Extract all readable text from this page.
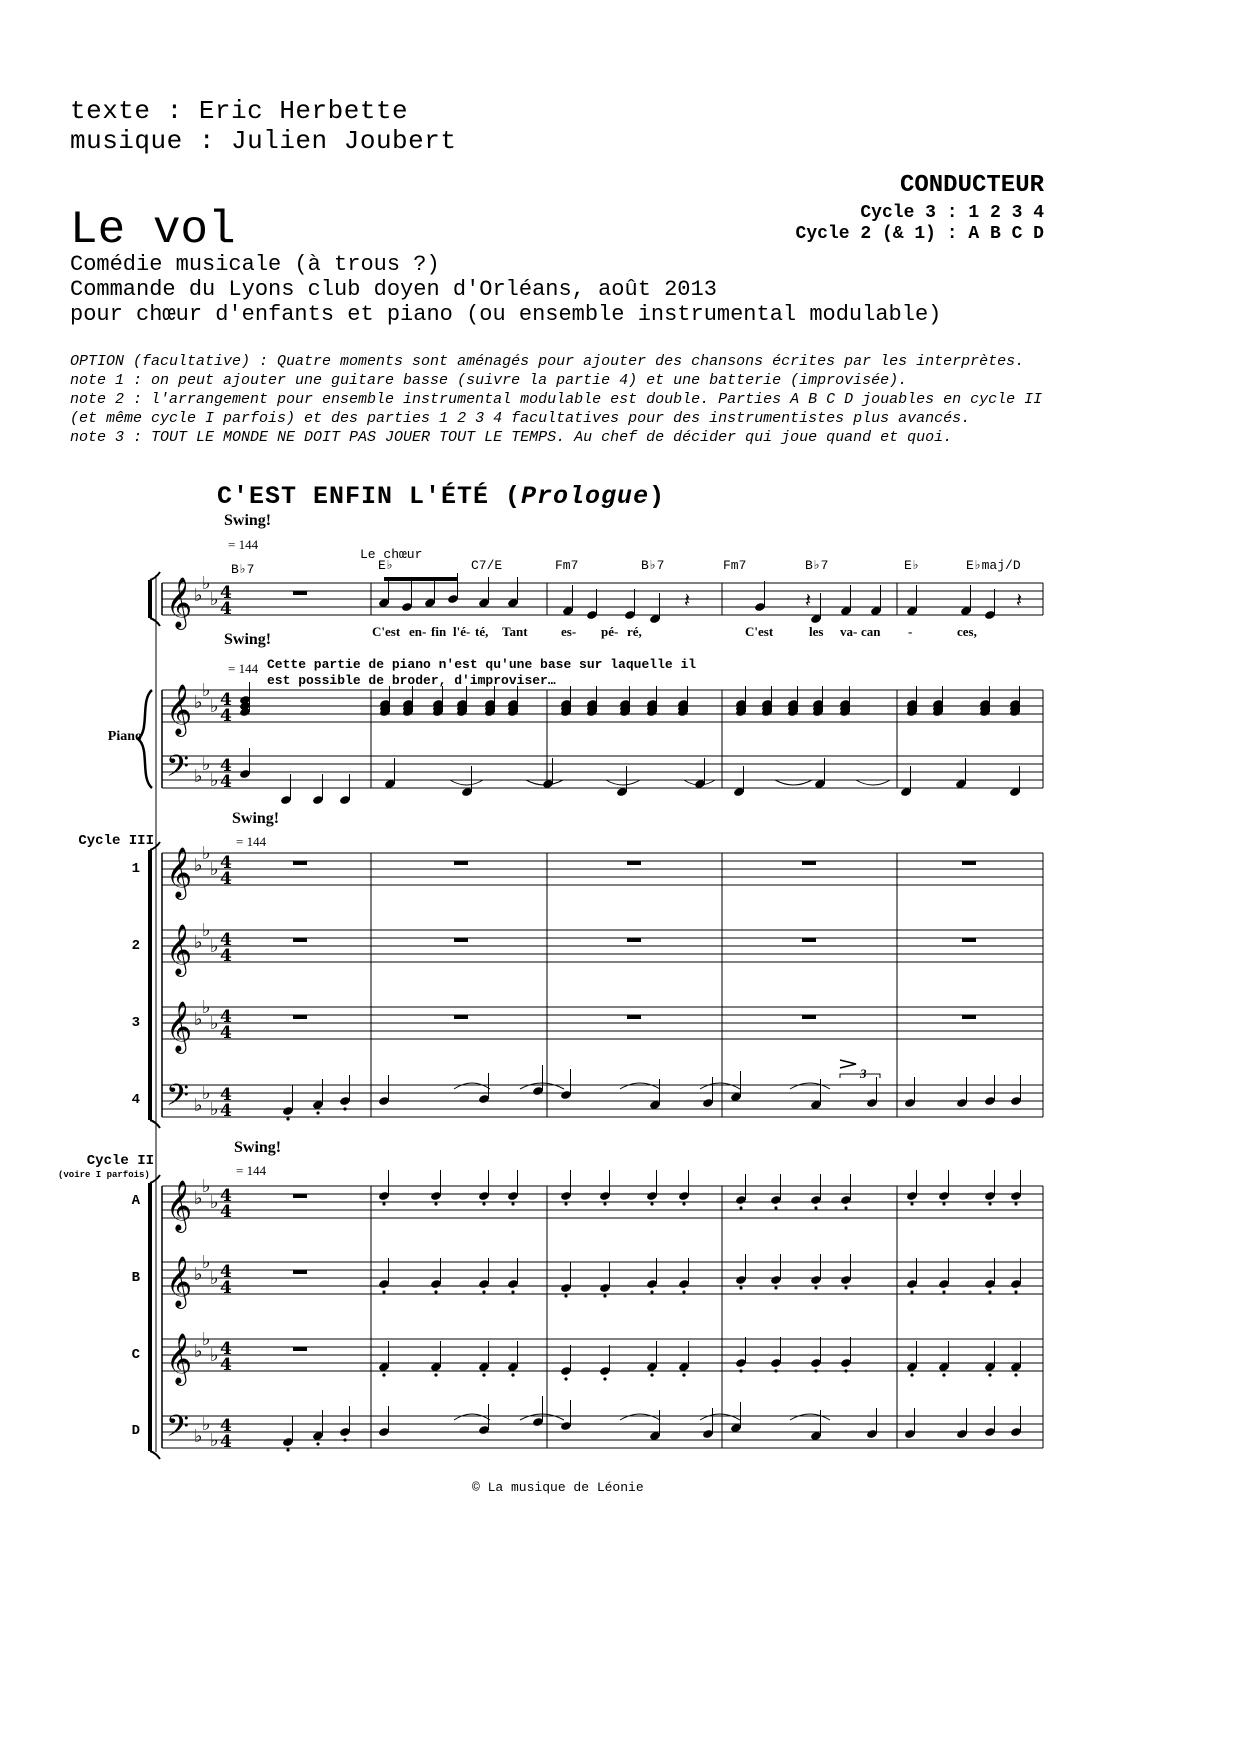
texte : Eric Herbette
musique : Julien Joubert
CONDUCTEUR
Cycle 3 : 1 2 3 4
Cycle 2 (& 1) : A B C D
Le vol
Comédie musicale (à trous ?)
Commande du Lyons club doyen d'Orléans, août 2013
pour chœur d'enfants et piano (ou ensemble instrumental modulable)
OPTION (facultative) : Quatre moments sont aménagés pour ajouter des chansons écrites par les interprètes.
note 1 : on peut ajouter une guitare basse (suivre la partie 4) et une batterie (improvisée).
note 2 : l'arrangement pour ensemble instrumental modulable est double. Parties A B C D jouables en cycle II
(et même cycle I parfois) et des parties 1 2 3 4 facultatives pour des instrumentistes plus avancés.
note 3 : TOUT LE MONDE NE DOIT PAS JOUER TOUT LE TEMPS. Au chef de décider qui joue quand et quoi.
C'EST ENFIN L'ÉTÉ (Prologue)
Swing!
= 144
Swing!
= 144
Swing!
= 144
Swing!
= 144
Le chœur
B♭7	E♭	C7/E	Fm7	B♭7	Fm7	B♭7	E♭	E♭maj/D
C'est en- fin l'é- té, Tant	es- pé- ré,	C'est	les va- can -	ces,
Cette partie de piano n'est qu'une base sur laquelle il
est possible de broder, d'improviser…
Piano
Cycle III
1
2
3
4
Cycle II
(voire I parfois)
A
B
C
D
3
© La musique de Léonie
𝄞 ♭
♭
♭ 4
4
𝄞 ♭
♭
♭ 4
4
𝄢 ♭
♭
♭
4
4
𝄞 ♭
♭
♭ 4
4
𝄞 ♭
♭
♭ 4
4
𝄞 ♭
♭
♭ 4
4
𝄢 ♭
♭
♭
4
4
𝄞 ♭
♭
♭ 4
4
𝄞 ♭
♭
♭ 4
4
𝄞 ♭
♭
♭ 4
4
𝄢 ♭
♭
♭
4
4
𝄽	𝄽	𝄽
